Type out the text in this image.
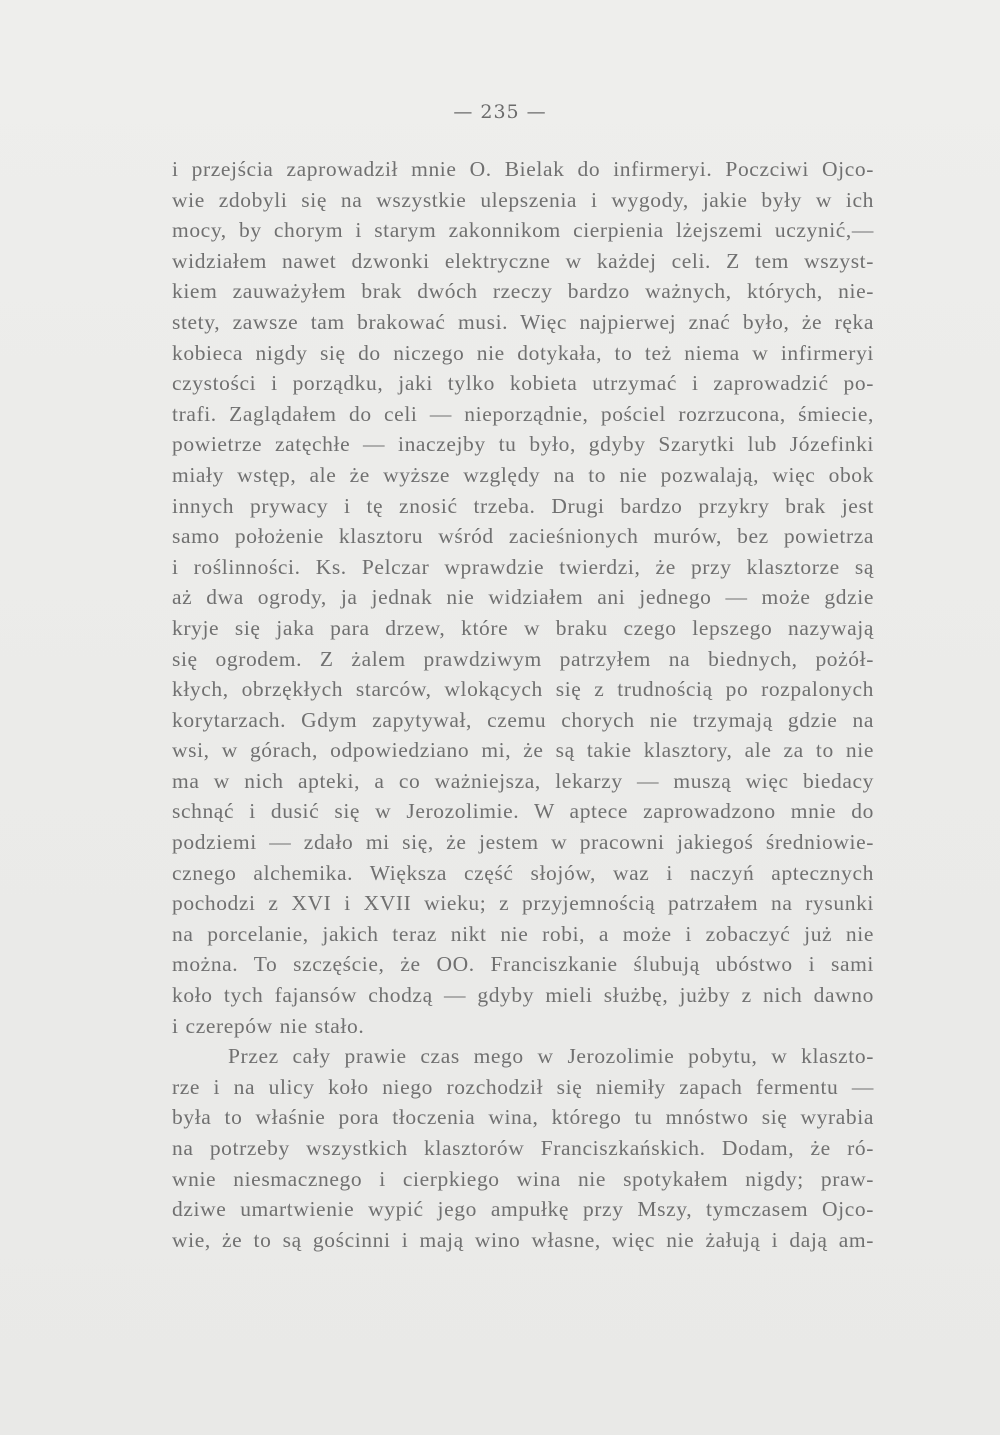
— 235 —
i przejścia zaprowadził mnie O. Bielak do infirmeryi. Poczciwi Ojco-
wie zdobyli się na wszystkie ulepszenia i wygody, jakie były w ich
mocy, by chorym i starym zakonnikom cierpienia lżejszemi uczynić,—
widziałem nawet dzwonki elektryczne w każdej celi. Z tem wszyst-
kiem zauważyłem brak dwóch rzeczy bardzo ważnych, których, nie-
stety, zawsze tam brakować musi. Więc najpierwej znać było, że ręka
kobieca nigdy się do niczego nie dotykała, to też niema w infirmeryi
czystości i porządku, jaki tylko kobieta utrzymać i zaprowadzić po-
trafi. Zaglądałem do celi — nieporządnie, pościel rozrzucona, śmiecie,
powietrze zatęchłe — inaczejby tu było, gdyby Szarytki lub Józefinki
miały wstęp, ale że wyższe względy na to nie pozwalają, więc obok
innych prywacy i tę znosić trzeba. Drugi bardzo przykry brak jest
samo położenie klasztoru wśród zacieśnionych murów, bez powietrza
i roślinności. Ks. Pelczar wprawdzie twierdzi, że przy klasztorze są
aż dwa ogrody, ja jednak nie widziałem ani jednego — może gdzie
kryje się jaka para drzew, które w braku czego lepszego nazywają
się ogrodem. Z żalem prawdziwym patrzyłem na biednych, pożół-
kłych, obrzękłych starców, wlokących się z trudnością po rozpalonych
korytarzach. Gdym zapytywał, czemu chorych nie trzymają gdzie na
wsi, w górach, odpowiedziano mi, że są takie klasztory, ale za to nie
ma w nich apteki, a co ważniejsza, lekarzy — muszą więc biedacy
schnąć i dusić się w Jerozolimie. W aptece zaprowadzono mnie do
podziemi — zdało mi się, że jestem w pracowni jakiegoś średniowie-
cznego alchemika. Większa część słojów, waz i naczyń aptecznych
pochodzi z XVI i XVII wieku; z przyjemnością patrzałem na rysunki
na porcelanie, jakich teraz nikt nie robi, a może i zobaczyć już nie
można. To szczęście, że OO. Franciszkanie ślubują ubóstwo i sami
koło tych fajansów chodzą — gdyby mieli służbę, jużby z nich dawno
i czerepów nie stało.
Przez cały prawie czas mego w Jerozolimie pobytu, w klaszto-
rze i na ulicy koło niego rozchodził się niemiły zapach fermentu —
była to właśnie pora tłoczenia wina, którego tu mnóstwo się wyrabia
na potrzeby wszystkich klasztorów Franciszkańskich. Dodam, że ró-
wnie niesmacznego i cierpkiego wina nie spotykałem nigdy; praw-
dziwe umartwienie wypić jego ampułkę przy Mszy, tymczasem Ojco-
wie, że to są gościnni i mają wino własne, więc nie żałują i dają am-
